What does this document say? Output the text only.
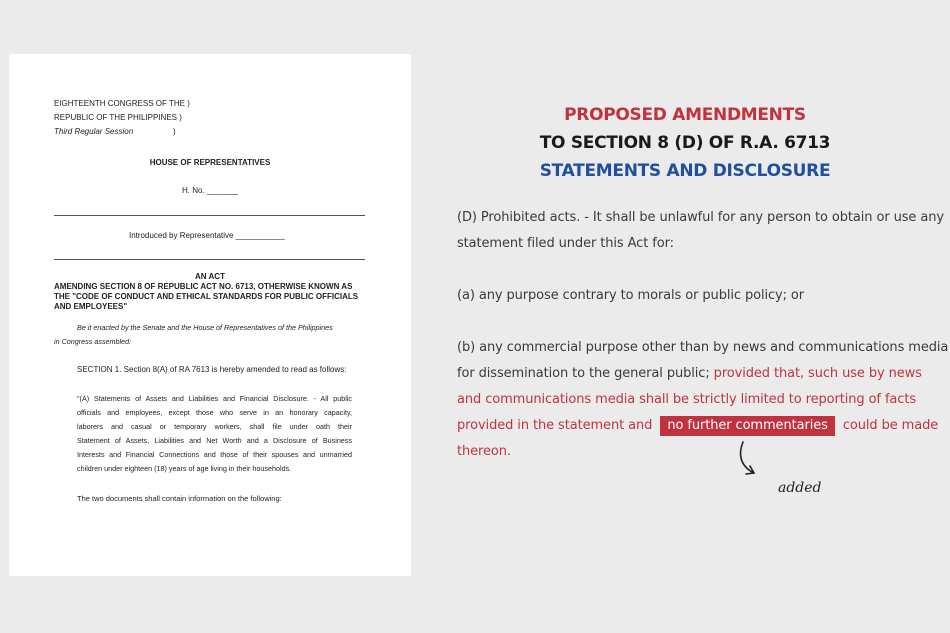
EIGHTEENTH CONGRESS OF THE )
REPUBLIC OF THE PHILIPPINES )
Third Regular Session	)
HOUSE OF REPRESENTATIVES
H. No. _______
Introduced by Representative ___________
AN ACT
AMENDING SECTION 8 OF REPUBLIC ACT NO. 6713, OTHERWISE KNOWN AS
THE "CODE OF CONDUCT AND ETHICAL STANDARDS FOR PUBLIC OFFICIALS
AND EMPLOYEES"
Be it enacted by the Senate and the House of Representatives of the Philippines
in Congress assembled:
SECTION 1. Section 8(A) of RA 7613 is hereby amended to read as follows:
"(A) Statements of Assets and Liabilities and Financial Disclosure. - All public
officials and employees, except those who serve in an honorary capacity,
laborers and casual or temporary workers, shall file under oath their
Statement of Assets, Liabilities and Net Worth and a Disclosure of Business
Interests and Financial Connections and those of their spouses and unmarried
children under eighteen (18) years of age living in their households.
The two documents shall contain information on the following:
PROPOSED AMENDMENTS
TO SECTION 8 (D) OF R.A. 6713
STATEMENTS AND DISCLOSURE
(D) Prohibited acts. - It shall be unlawful for any person to obtain or use any
statement filed under this Act for:
(a) any purpose contrary to morals or public policy; or
(b) any commercial purpose other than by news and communications media
for dissemination to the general public; provided that, such use by news
and communications media shall be strictly limited to reporting of facts
provided in the statement and no further commentaries could be made
thereon.
added
